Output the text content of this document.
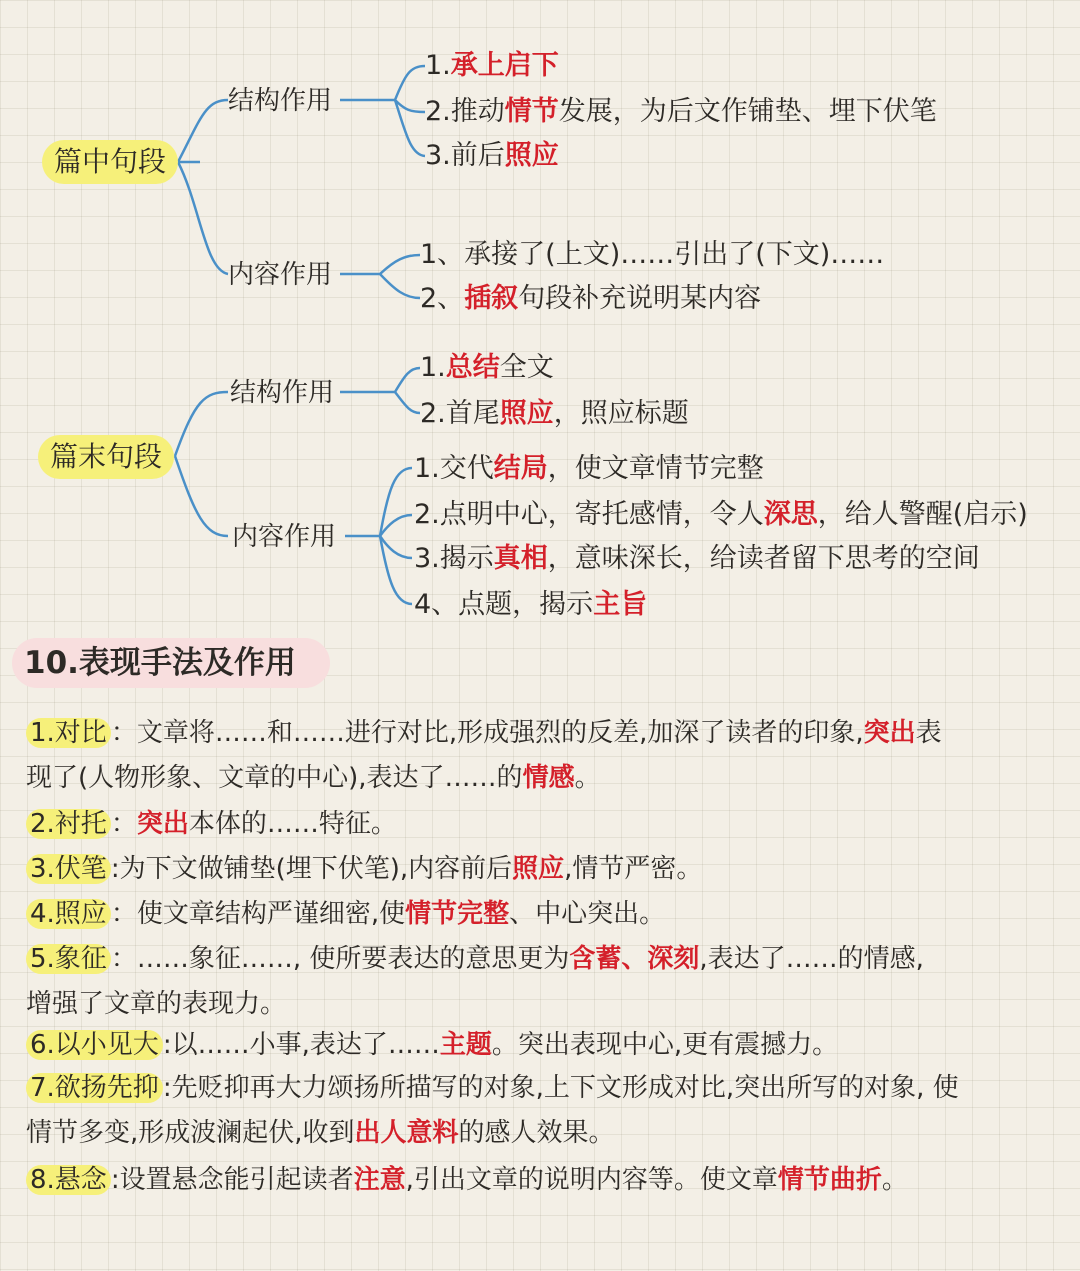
篇中句段
结构作用
内容作用
1.承上启下
2.推动情节发展，为后文作铺垫、埋下伏笔
3.前后照应
1、承接了(上文)……引出了(下文)……
2、插叙句段补充说明某内容
篇末句段
结构作用
内容作用
1.总结全文
2.首尾照应，照应标题
1.交代结局，使文章情节完整
2.点明中心，寄托感情，令人深思，给人警醒(启示)
3.揭示真相，意味深长，给读者留下思考的空间
4、点题，揭示主旨
10.表现手法及作用
1.对比 ：文章将……和……进行对比,形成强烈的反差,加深了读者的印象,突出表
现了(人物形象、文章的中心),表达了……的情感。
2.衬托 ：突出本体的……特征。
3.伏笔 :为下文做铺垫(埋下伏笔),内容前后照应,情节严密。
4.照应 ：使文章结构严谨细密,使情节完整、中心突出。
5.象征 ：……象征……, 使所要表达的意思更为含蓄、深刻,表达了……的情感,
增强了文章的表现力。
6.以小见大 :以……小事,表达了……主题。突出表现中心,更有震撼力。
7.欲扬先抑 :先贬抑再大力颂扬所描写的对象,上下文形成对比,突出所写的对象, 使
情节多变,形成波澜起伏,收到出人意料的感人效果。
8.悬念 :设置悬念能引起读者注意,引出文章的说明内容等。使文章情节曲折。
